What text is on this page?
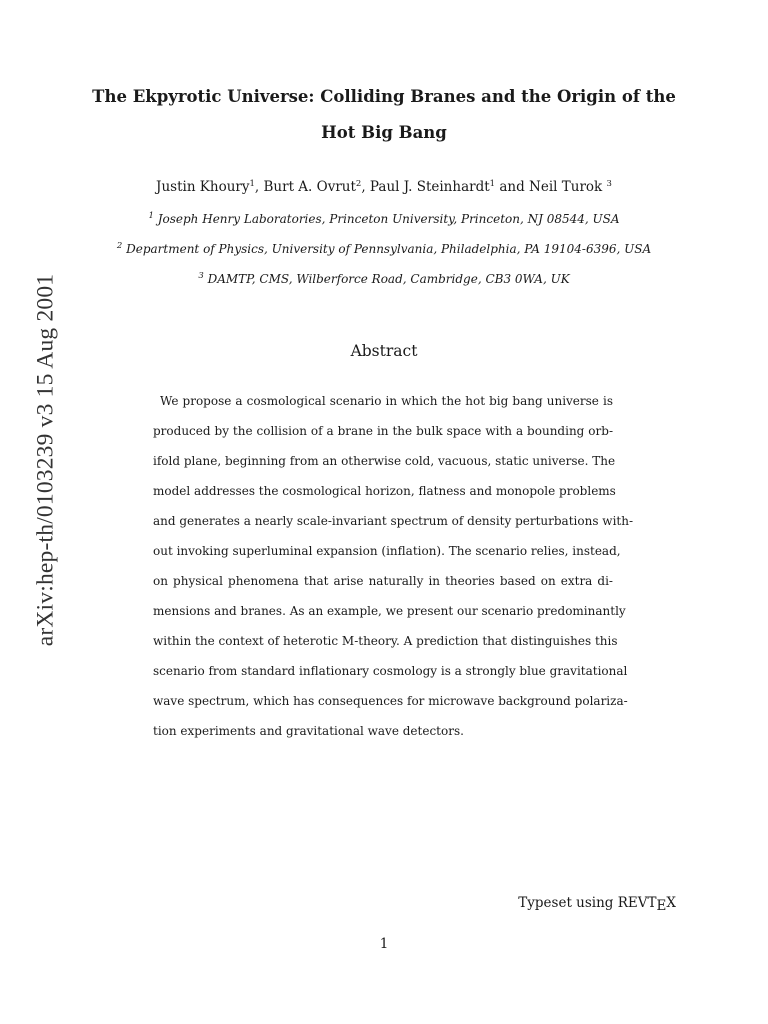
arXiv:hep-th/0103239 v3 15 Aug 2001
The Ekpyrotic Universe: Colliding Branes and the Origin of the
Hot Big Bang
Justin Khoury$^1$, Burt A. Ovrut$^2$, Paul J. Steinhardt$^1$ and Neil Turok $^3$
$^1$ Joseph Henry Laboratories, Princeton University, Princeton, NJ 08544, USA
$^2$ Department of Physics, University of Pennsylvania, Philadelphia, PA 19104-6396, USA
$^3$ DAMTP, CMS, Wilberforce Road, Cambridge, CB3 0WA, UK
Abstract
We propose a cosmological scenario in which the hot big bang universe is
produced by the collision of a brane in the bulk space with a bounding orb-
ifold plane, beginning from an otherwise cold, vacuous, static universe. The
model addresses the cosmological horizon, flatness and monopole problems
and generates a nearly scale-invariant spectrum of density perturbations with-
out invoking superluminal expansion (inflation). The scenario relies, instead,
on physical phenomena that arise naturally in theories based on extra di-
mensions and branes. As an example, we present our scenario predominantly
within the context of heterotic M-theory. A prediction that distinguishes this
scenario from standard inflationary cosmology is a strongly blue gravitational
wave spectrum, which has consequences for microwave background polariza-
tion experiments and gravitational wave detectors.
Typeset using REVTEX
1
